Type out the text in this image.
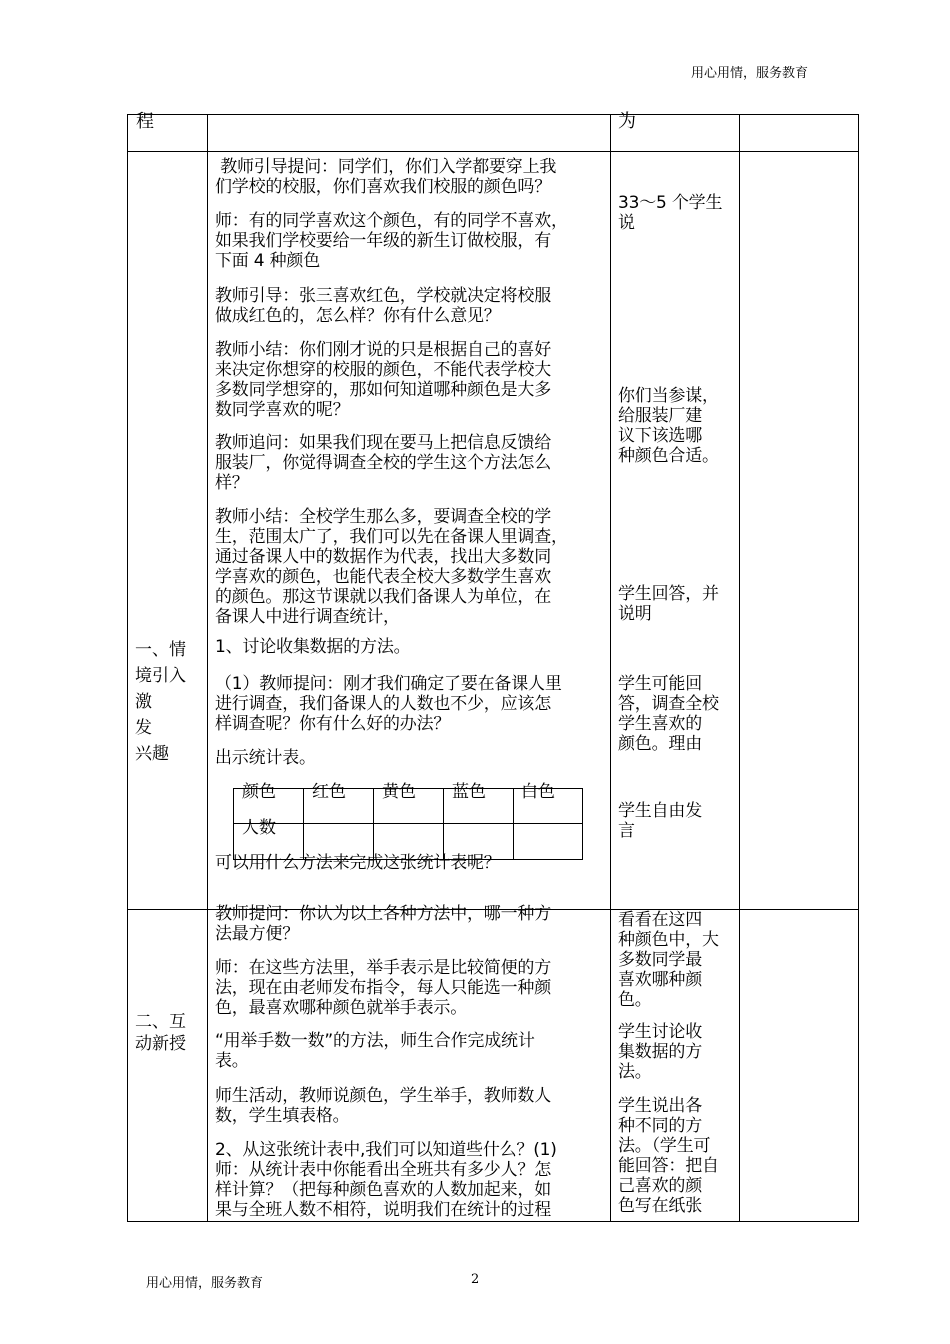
用心用情，服务教育
用心用情，服务教育	2
程	为
一、情
境引入
激
发
兴趣
教师引导提问：同学们，你们入学都要穿上我
们学校的校服，你们喜欢我们校服的颜色吗？
师：有的同学喜欢这个颜色，有的同学不喜欢，
如果我们学校要给一年级的新生订做校服，有
下面 4 种颜色
教师引导：张三喜欢红色，学校就决定将校服
做成红色的，怎么样？你有什么意见？
教师小结：你们刚才说的只是根据自己的喜好
来决定你想穿的校服的颜色，不能代表学校大
多数同学想穿的，那如何知道哪种颜色是大多
数同学喜欢的呢？
教师追问：如果我们现在要马上把信息反馈给
服装厂，你觉得调查全校的学生这个方法怎么
样？
教师小结：全校学生那么多，要调查全校的学
生，范围太广了，我们可以先在备课人里调查，
通过备课人中的数据作为代表，找出大多数同
学喜欢的颜色，也能代表全校大多数学生喜欢
的颜色。那这节课就以我们备课人为单位，在
备课人中进行调查统计，
1、讨论收集数据的方法。
（1）教师提问：刚才我们确定了要在备课人里
进行调查，我们备课人的人数也不少，应该怎
样调查呢？你有什么好的办法？
出示统计表。
颜色 红色 黄色 蓝色 白色
人数
可以用什么方法来完成这张统计表呢？
33～5 个学生
说
你们当参谋，
给服装厂建
议下该选哪
种颜色合适。
学生回答，并
说明
学生可能回
答，调查全校
学生喜欢的
颜色。理由
学生自由发
言
二、互
动新授
教师提问：你认为以上各种方法中，哪一种方
法最方便？
师：在这些方法里，举手表示是比较简便的方
法，现在由老师发布指令，每人只能选一种颜
色，最喜欢哪种颜色就举手表示。
“用举手数一数”的方法，师生合作完成统计
表。
师生活动，教师说颜色，学生举手，教师数人
数，学生填表格。
2、从这张统计表中,我们可以知道些什么？(1)
师：从统计表中你能看出全班共有多少人？怎
样计算？（把每种颜色喜欢的人数加起来，如
果与全班人数不相符，说明我们在统计的过程
看看在这四
种颜色中，大
多数同学最
喜欢哪种颜
色。
学生讨论收
集数据的方
法。
学生说出各
种不同的方
法。（学生可
能回答：把自
己喜欢的颜
色写在纸张
